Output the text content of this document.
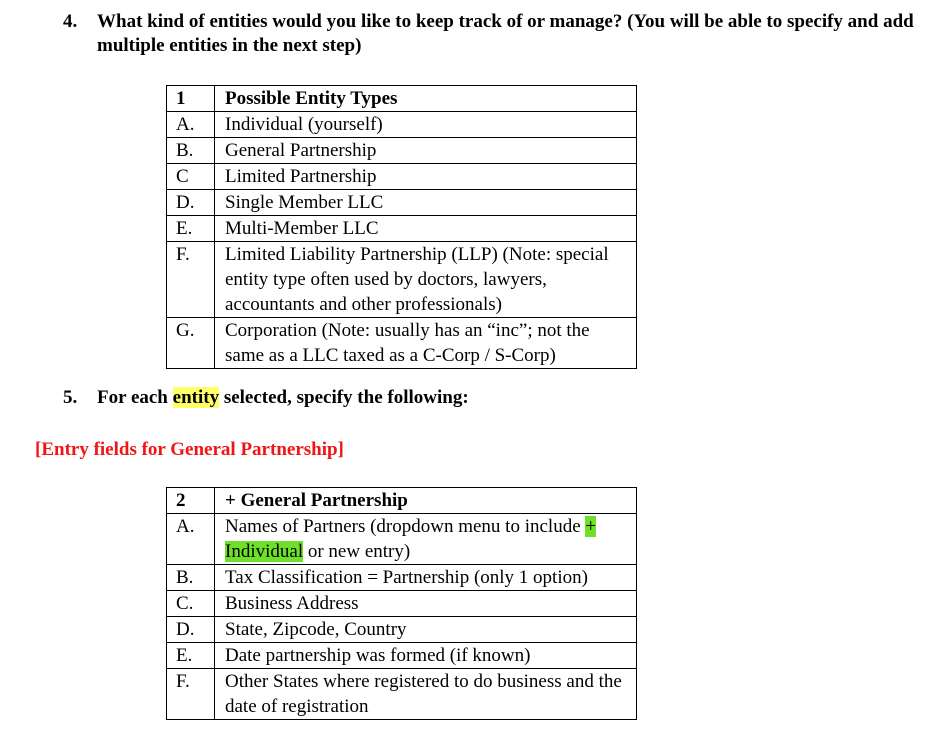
4. What kind of entities would you like to keep track of or manage? (You will be able to specify and add multiple entities in the next step)
1	Possible Entity Types
A.	Individual (yourself)
B.	General Partnership
C	Limited Partnership
D.	Single Member LLC
E.	Multi-Member LLC
F.	Limited Liability Partnership (LLP) (Note: special entity type often used by doctors, lawyers, accountants and other professionals)
G.	Corporation (Note: usually has an “inc”; not the same as a LLC taxed as a C-Corp / S-Corp)
5. For each entity selected, specify the following:
[Entry fields for General Partnership]
2	+ General Partnership
A.	Names of Partners (dropdown menu to include + Individual or new entry)
B.	Tax Classification = Partnership (only 1 option)
C.	Business Address
D.	State, Zipcode, Country
E.	Date partnership was formed (if known)
F.	Other States where registered to do business and the date of registration
